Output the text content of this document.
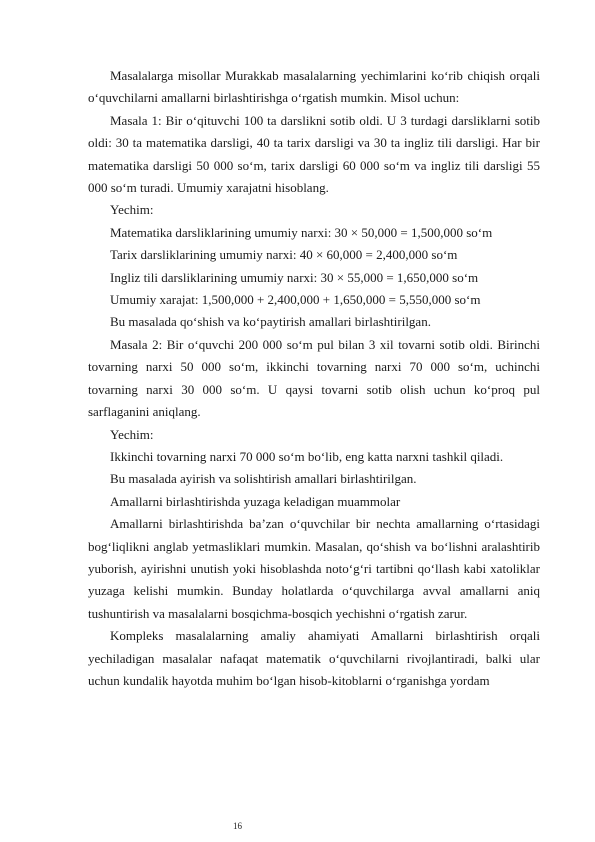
Masalalarga misollar Murakkab masalalarning yechimlarini ko‘rib chiqish orqali o‘quvchilarni amallarni birlashtirishga o‘rgatish mumkin. Misol uchun:

Masala 1: Bir o‘qituvchi 100 ta darslikni sotib oldi. U 3 turdagi darsliklarni sotib oldi: 30 ta matematika darsligi, 40 ta tarix darsligi va 30 ta ingliz tili darsligi. Har bir matematika darsligi 50 000 so‘m, tarix darsligi 60 000 so‘m va ingliz tili darsligi 55 000 so‘m turadi. Umumiy xarajatni hisoblang.

Yechim:

Matematika darsliklarining umumiy narxi: 30 × 50,000 = 1,500,000 so‘m

Tarix darsliklarining umumiy narxi: 40 × 60,000 = 2,400,000 so‘m

Ingliz tili darsliklarining umumiy narxi: 30 × 55,000 = 1,650,000 so‘m

Umumiy xarajat: 1,500,000 + 2,400,000 + 1,650,000 = 5,550,000 so‘m

Bu masalada qo‘shish va ko‘paytirish amallari birlashtirilgan.

Masala 2: Bir o‘quvchi 200 000 so‘m pul bilan 3 xil tovarni sotib oldi. Birinchi tovarning narxi 50 000 so‘m, ikkinchi tovarning narxi 70 000 so‘m, uchinchi tovarning narxi 30 000 so‘m. U qaysi tovarni sotib olish uchun ko‘proq pul sarflaganini aniqlang.

Yechim:

Ikkinchi tovarning narxi 70 000 so‘m bo‘lib, eng katta narxni tashkil qiladi.

Bu masalada ayirish va solishtirish amallari birlashtirilgan.

Amallarni birlashtirishda yuzaga keladigan muammolar

Amallarni birlashtirishda ba’zan o‘quvchilar bir nechta amallarning o‘rtasidagi bog‘liqlikni anglab yetmasliklari mumkin. Masalan, qo‘shish va bo‘lishni aralashtirib yuborish, ayirishni unutish yoki hisoblashda noto‘g‘ri tartibni qo‘llash kabi xatoliklar yuzaga kelishi mumkin. Bunday holatlarda o‘quvchilarga avval amallarni aniq tushuntirish va masalalarni bosqichma-bosqich yechishni o‘rgatish zarur.

Kompleks masalalarning amaliy ahamiyati Amallarni birlashtirish orqali yechiladigan masalalar nafaqat matematik o‘quvchilarni rivojlantiradi, balki ular uchun kundalik hayotda muhim bo‘lgan hisob-kitoblarni o‘rganishga yordam

16
